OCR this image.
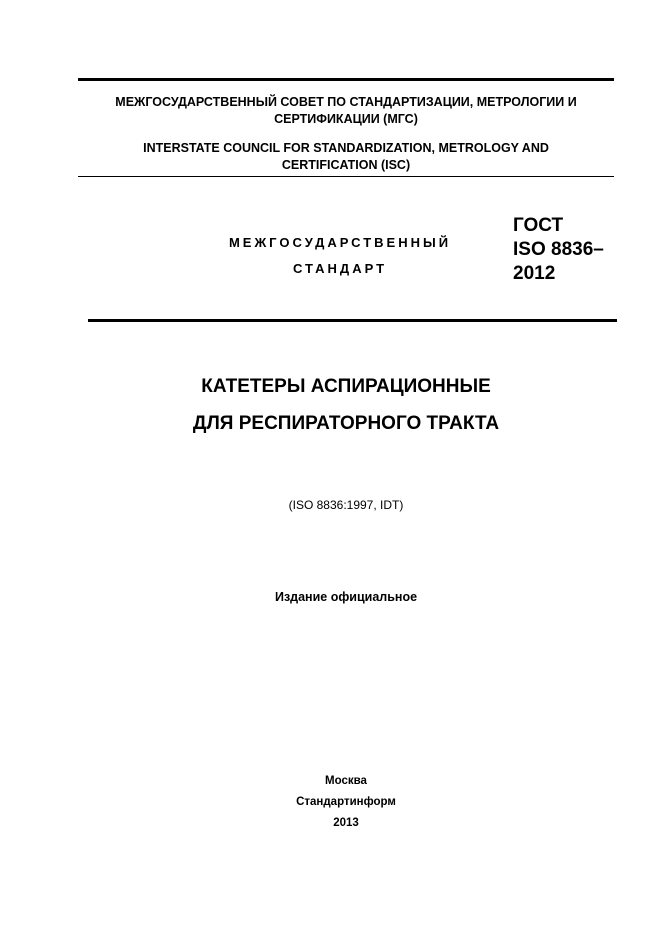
МЕЖГОСУДАРСТВЕННЫЙ СОВЕТ ПО СТАНДАРТИЗАЦИИ, МЕТРОЛОГИИ И
СЕРТИФИКАЦИИ (МГС)
INTERSTATE COUNCIL FOR STANDARDIZATION, METROLOGY AND
CERTIFICATION (ISC)
МЕЖГОСУДАРСТВЕННЫЙ
СТАНДАРТ
ГОСТ
ISO 8836–
2012
КАТЕТЕРЫ АСПИРАЦИОННЫЕ
ДЛЯ РЕСПИРАТОРНОГО ТРАКТА
(ISO 8836:1997, IDT)
Издание официальное
Москва
Стандартинформ
2013
